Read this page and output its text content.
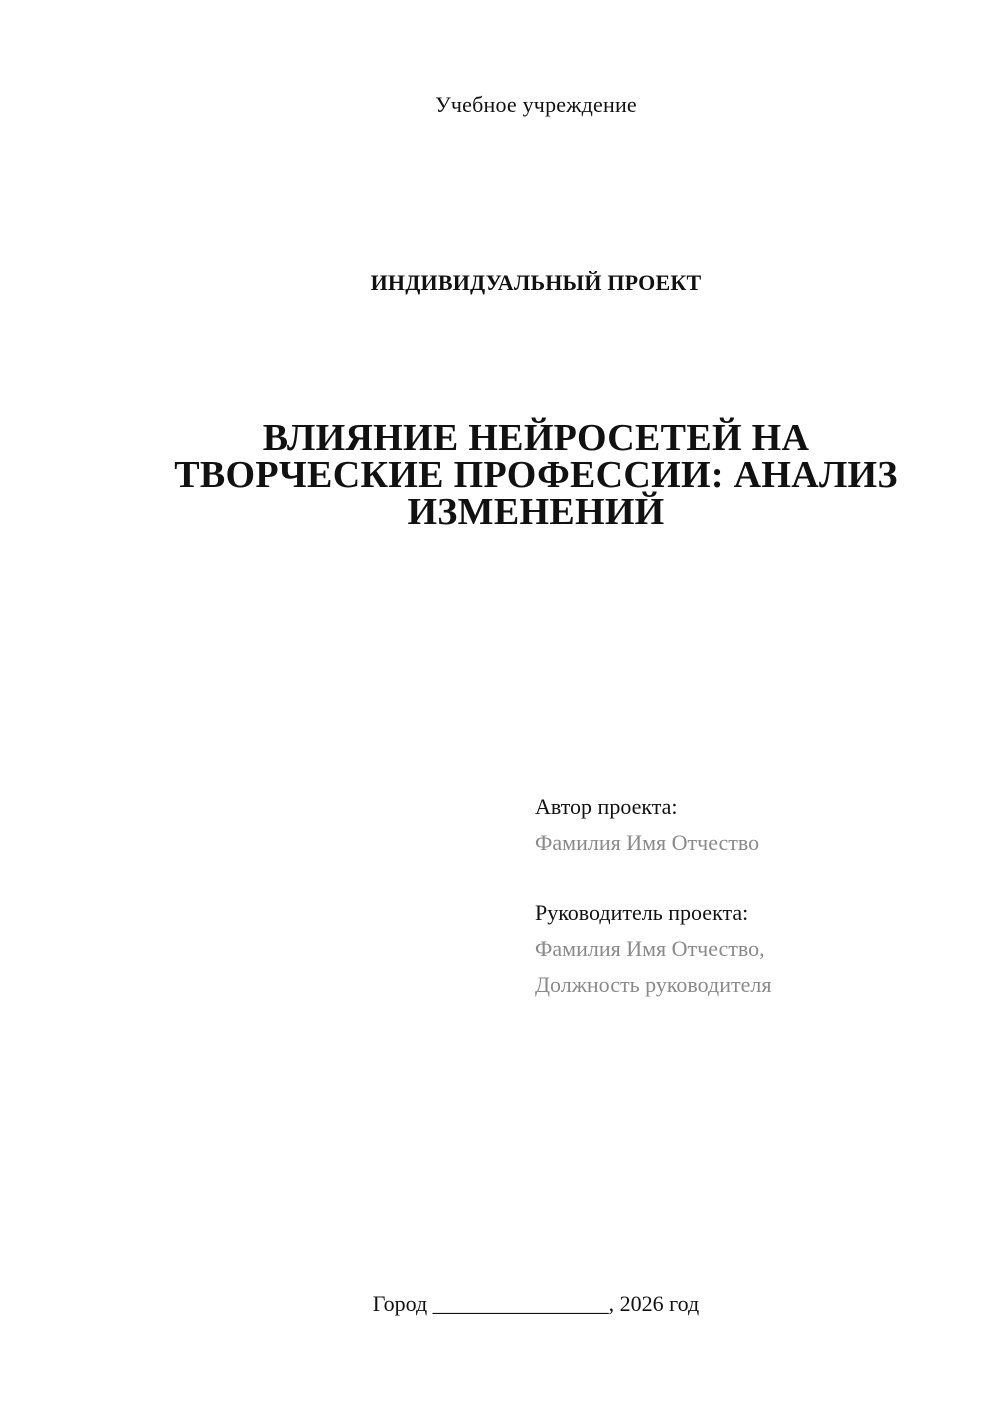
Учебное учреждение
ИНДИВИДУАЛЬНЫЙ ПРОЕКТ
ВЛИЯНИЕ НЕЙРОСЕТЕЙ НА
ТВОРЧЕСКИЕ ПРОФЕССИИ: АНАЛИЗ
ИЗМЕНЕНИЙ
Автор проекта:
Фамилия Имя Отчество
Руководитель проекта:
Фамилия Имя Отчество,
Должность руководителя
Город ________________, 2026 год
